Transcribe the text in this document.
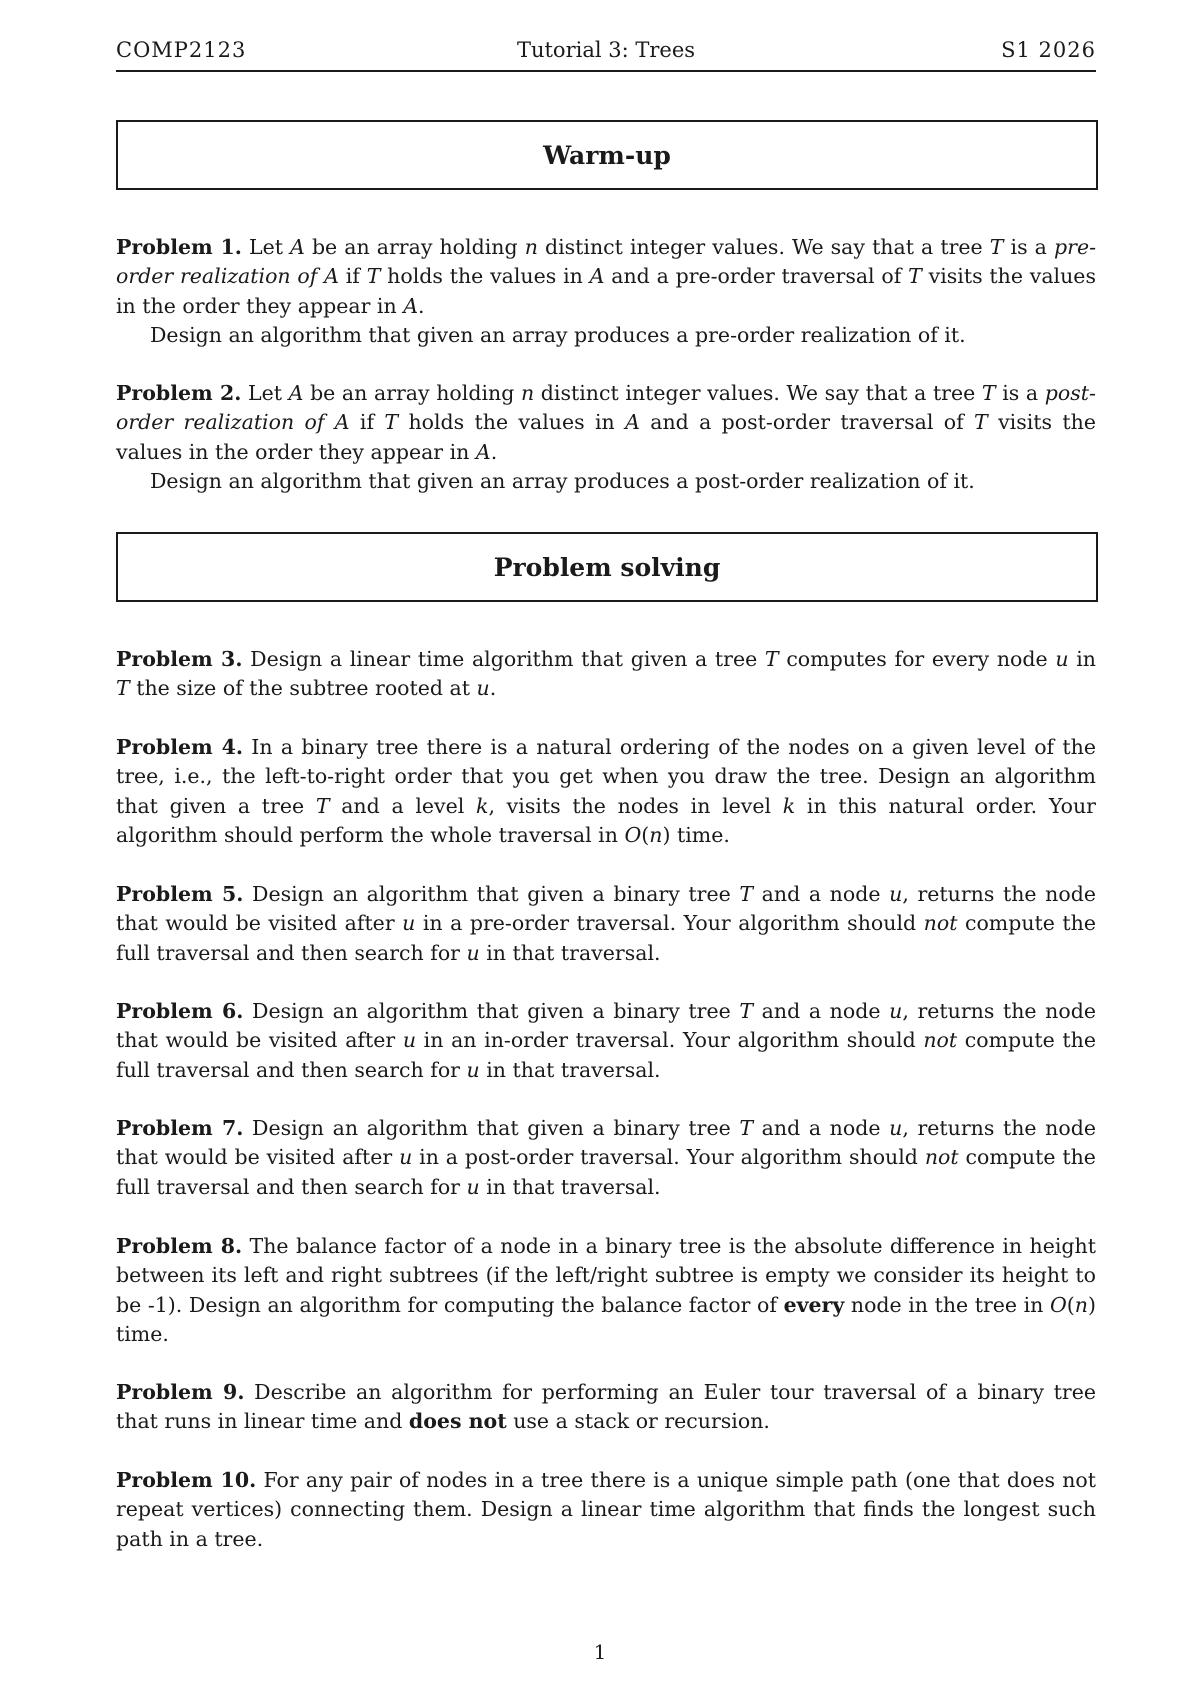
Tutorial 3: Trees
COMP2123	S1 2026
Warm-up

Problem 1. Let A be an array holding n distinct integer values. We say that a tree T is a pre-order realization of A if T holds the values in A and a pre-order traversal of T visits the values in the order they appear in A.

Design an algorithm that given an array produces a pre-order realization of it.

Problem 2. Let A be an array holding n distinct integer values. We say that a tree T is a post-order realization of A if T holds the values in A and a post-order traversal of T visits the values in the order they appear in A.

Design an algorithm that given an array produces a post-order realization of it.

Problem solving

Problem 3. Design a linear time algorithm that given a tree T computes for every node u in T the size of the subtree rooted at u.

Problem 4. In a binary tree there is a natural ordering of the nodes on a given level of the tree, i.e., the left-to-right order that you get when you draw the tree. Design an algorithm that given a tree T and a level k, visits the nodes in level k in this natural order. Your algorithm should perform the whole traversal in O(n) time.

Problem 5. Design an algorithm that given a binary tree T and a node u, returns the node that would be visited after u in a pre-order traversal. Your algorithm should not compute the full traversal and then search for u in that traversal.

Problem 6. Design an algorithm that given a binary tree T and a node u, returns the node that would be visited after u in an in-order traversal. Your algorithm should not compute the full traversal and then search for u in that traversal.

Problem 7. Design an algorithm that given a binary tree T and a node u, returns the node that would be visited after u in a post-order traversal. Your algorithm should not compute the full traversal and then search for u in that traversal.

Problem 8. The balance factor of a node in a binary tree is the absolute difference in height between its left and right subtrees (if the left/right subtree is empty we consider its height to be -1). Design an algorithm for computing the balance factor of every node in the tree in O(n) time.

Problem 9. Describe an algorithm for performing an Euler tour traversal of a binary tree that runs in linear time and does not use a stack or recursion.

Problem 10. For any pair of nodes in a tree there is a unique simple path (one that does not repeat vertices) connecting them. Design a linear time algorithm that finds the longest such path in a tree.

1
